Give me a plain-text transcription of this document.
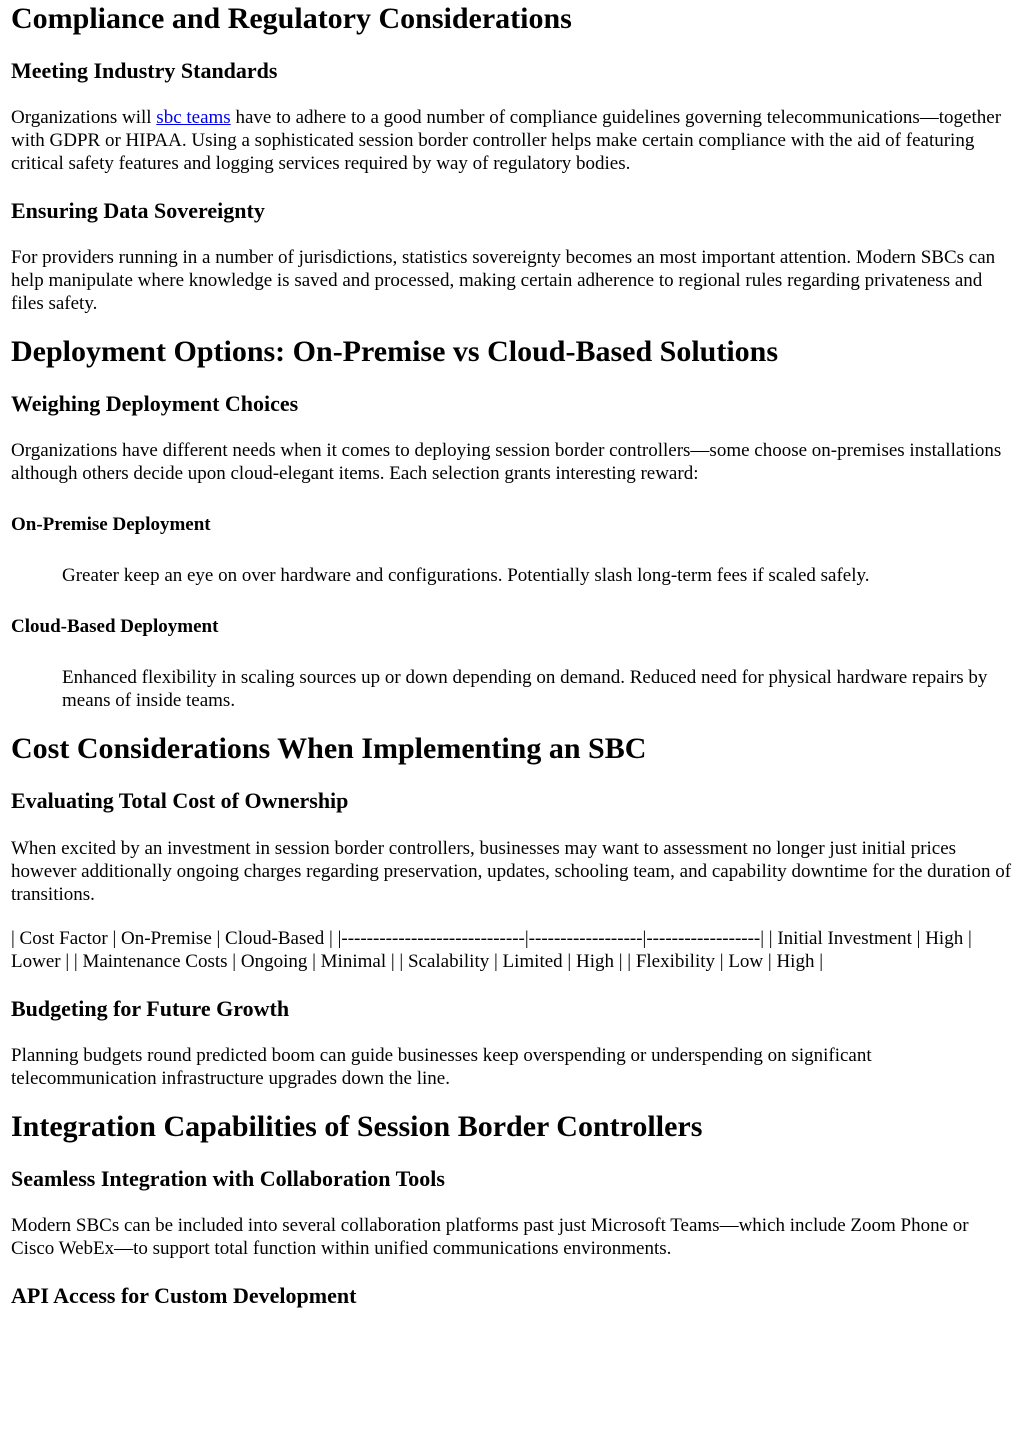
Compliance and Regulatory Considerations
Meeting Industry Standards

Organizations will sbc teams have to adhere to a good number of compliance guidelines governing telecommunications—together with GDPR or HIPAA. Using a sophisticated session border controller helps make certain compliance with the aid of featuring critical safety features and logging services required by way of regulatory bodies.

Ensuring Data Sovereignty

For providers running in a number of jurisdictions, statistics sovereignty becomes an most important attention. Modern SBCs can help manipulate where knowledge is saved and processed, making certain adherence to regional rules regarding privateness and files safety.

Deployment Options: On-Premise vs Cloud-Based Solutions
Weighing Deployment Choices

Organizations have different needs when it comes to deploying session border controllers—some choose on-premises installations although others decide upon cloud-elegant items. Each selection grants interesting reward:

On-Premise Deployment

Greater keep an eye on over hardware and configurations. Potentially slash long-term fees if scaled safely.

Cloud-Based Deployment

Enhanced flexibility in scaling sources up or down depending on demand. Reduced need for physical hardware repairs by means of inside teams.

Cost Considerations When Implementing an SBC
Evaluating Total Cost of Ownership

When excited by an investment in session border controllers, businesses may want to assessment no longer just initial prices however additionally ongoing charges regarding preservation, updates, schooling team, and capability downtime for the duration of transitions.

| Cost Factor | On-Premise | Cloud-Based | |-----------------------------|------------------|------------------| | Initial Investment | High | Lower | | Maintenance Costs | Ongoing | Minimal | | Scalability | Limited | High | | Flexibility | Low | High |

Budgeting for Future Growth

Planning budgets round predicted boom can guide businesses keep overspending or underspending on significant telecommunication infrastructure upgrades down the line.

Integration Capabilities of Session Border Controllers
Seamless Integration with Collaboration Tools

Modern SBCs can be included into several collaboration platforms past just Microsoft Teams—which include Zoom Phone or Cisco WebEx—to support total function within unified communications environments.

API Access for Custom Development
